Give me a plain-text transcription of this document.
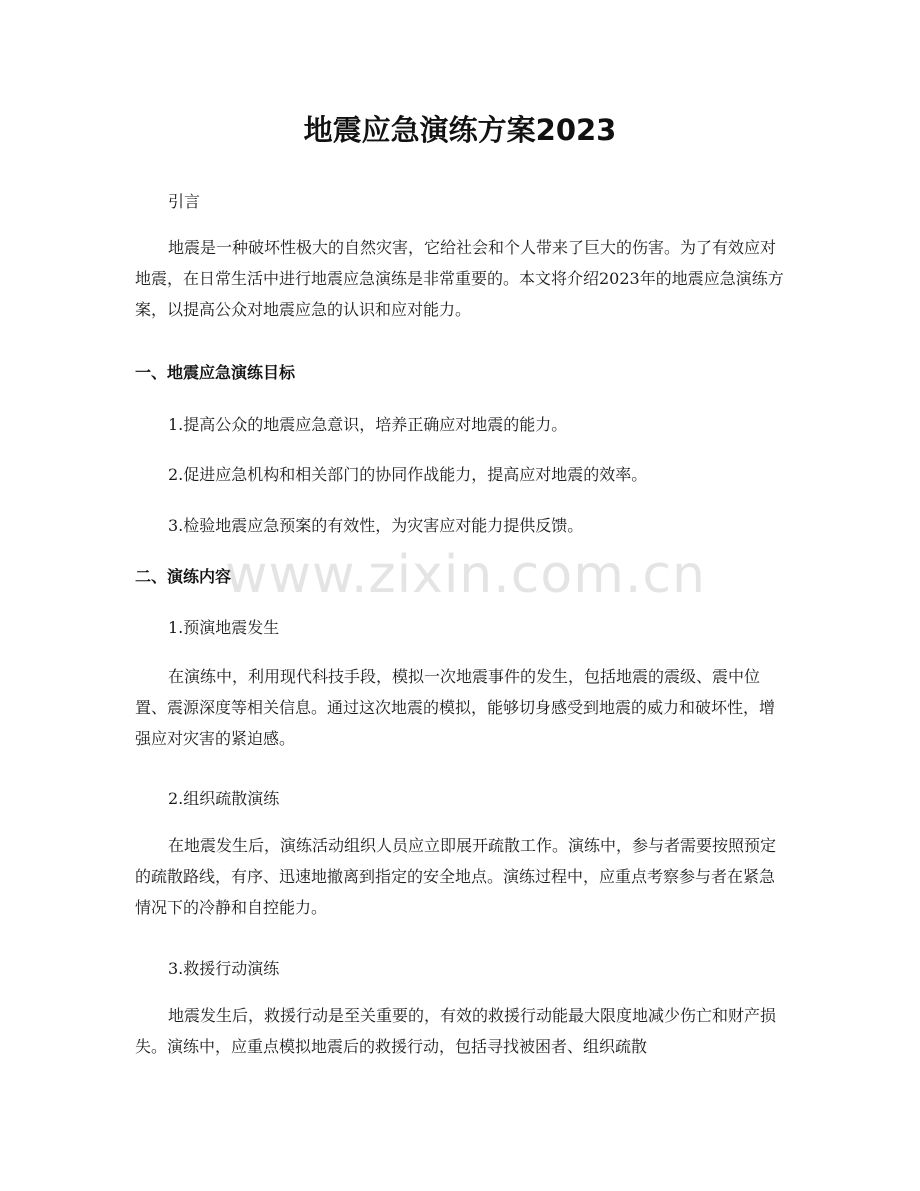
地震应急演练方案2023

引言

地震是一种破坏性极大的自然灾害，它给社会和个人带来了巨大的伤害。为了有效应对地震，在日常生活中进行地震应急演练是非常重要的。本文将介绍2023年的地震应急演练方案，以提高公众对地震应急的认识和应对能力。

一、地震应急演练目标

1.提高公众的地震应急意识，培养正确应对地震的能力。

2.促进应急机构和相关部门的协同作战能力，提高应对地震的效率。

3.检验地震应急预案的有效性，为灾害应对能力提供反馈。

二、演练内容

1.预演地震发生

在演练中，利用现代科技手段，模拟一次地震事件的发生，包括地震的震级、震中位置、震源深度等相关信息。通过这次地震的模拟，能够切身感受到地震的威力和破坏性，增强应对灾害的紧迫感。

2.组织疏散演练

在地震发生后，演练活动组织人员应立即展开疏散工作。演练中，参与者需要按照预定的疏散路线，有序、迅速地撤离到指定的安全地点。演练过程中，应重点考察参与者在紧急情况下的冷静和自控能力。

3.救援行动演练

地震发生后，救援行动是至关重要的，有效的救援行动能最大限度地减少伤亡和财产损失。演练中，应重点模拟地震后的救援行动，包括寻找被困者、组织疏散

www.zixin.com.cn
